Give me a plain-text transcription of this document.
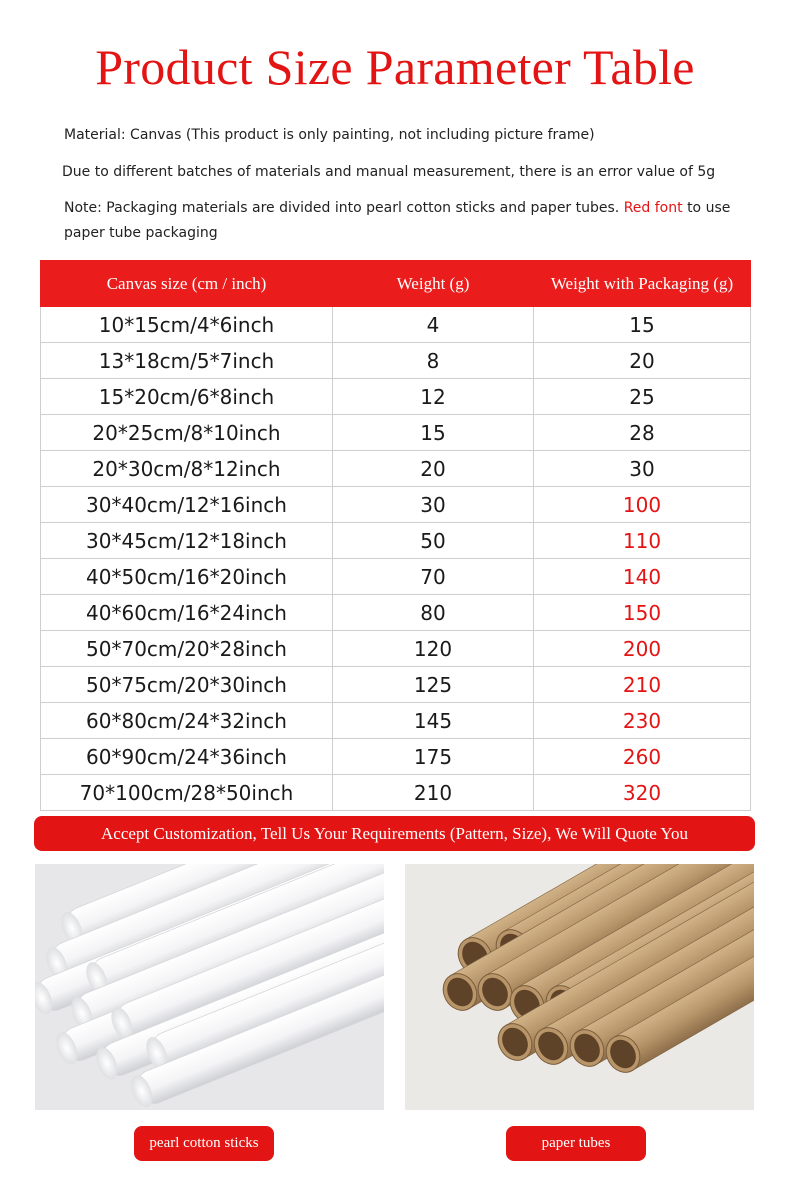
Product Size Parameter Table
Material: Canvas (This product is only painting, not including picture frame)
Due to different batches of materials and manual measurement, there is an error value of 5g
Note: Packaging materials are divided into pearl cotton sticks and paper tubes. Red font to use paper tube packaging
Canvas size (cm / inch)	Weight (g)	Weight with Packaging (g)
10*15cm/4*6inch	4	15
13*18cm/5*7inch	8	20
15*20cm/6*8inch	12	25
20*25cm/8*10inch	15	28
20*30cm/8*12inch	20	30
30*40cm/12*16inch	30	100
30*45cm/12*18inch	50	110
40*50cm/16*20inch	70	140
40*60cm/16*24inch	80	150
50*70cm/20*28inch	120	200
50*75cm/20*30inch	125	210
60*80cm/24*32inch	145	230
60*90cm/24*36inch	175	260
70*100cm/28*50inch	210	320
Accept Customization, Tell Us Your Requirements (Pattern, Size), We Will Quote You
pearl cotton sticks	paper tubes
